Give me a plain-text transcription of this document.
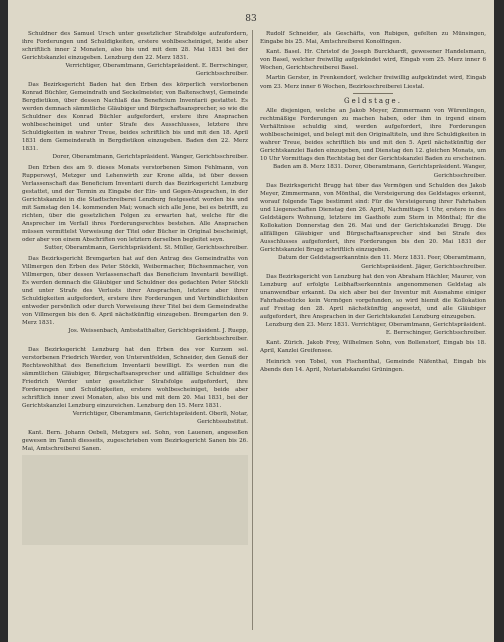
83

Schuldner des Samuel Ursch unter gesetzlicher Strafsfolge aufzufordern, ihre Forderungen und Schuldigkeiten, erstere wohlbescheiniget, beide aber schriftlich inner 2 Monaten, also bis und mit dem 28. Mai 1831 bei der Gerichtskanzlei einzugeben. Lenzburg den 22. Merz 1831.

Verrichtiger, Oberamtmann, Gerichtspräsident. E. Berrschinger, Gerichtsschreiber.

Das Bezirksgericht Baden hat den Erben des körperlich verstorbenen Konrad Büchler, Gemeindrath und Seckelmeister, von Baltenschwyl, Gemeinde Bergdietikon, über dessen Nachlaß das Beneficium Inventarii gestattet. Es werden demnach sämmtliche Gläubiger und Bürgschaftsansprecher, so wie die Schuldner des Konrad Büchler aufgefordert, erstere ihre Ansprachen wohlbescheiniget und unter Strafe des Ausschlusses, letztere ihre Schuldigkeiten in wahrer Treue, beides schriftlich bis und mit den 18. April 1831 dem Gemeinderath in Bergdietikon einzugeben. Baden den 22. Merz 1831.

Dorer, Oberamtmann, Gerichtspräsident. Wanger, Gerichtsschreiber.

Den Erben des am 9. dieses Monats verstorbenen Simon Fehlmann, von Rupperswyl, Metzger und Lehenwirth zur Krone allda, ist über dessen Verlassenschaft das Beneficium Inventarii durch das Bezirksgericht Lenzburg gestattet, und der Termin zu Eingabe der Ein- und Gegen-Ansprachen, in der Gerichtskanzlei in die Stadtschreiberei Lenzburg festgesetzt worden bis und mit Samstag den 14. kommenden Mai; wonach sich alle Jene, bei es betrifft, zu richten, über die gesetzlichen Folgen zu erwarten hat, welche für die Ansprecher im Verfall ihres Forderungsrechtes bestehen. Alle Ansprachen müssen vermittelst Vorweisung der Titel oder Bücher in Original bescheinigt, oder aber von einem Abschriften von letztern derselben begleitet seyn.

Sutter, Oberamtmann, Gerichtspräsident. St. Müller, Gerichtsschreiber.

Das Bezirksgericht Bremgarten hat auf den Antrag des Gemeindraths von Villmergen den Erben des Peter Stöckli, Weibermacher, Büchsenmacher, von Villmergen, über dessen Verlassenschaft das Beneficium Inventarii bewilligt. Es werden demnach die Gläubiger und Schuldner des gedachten Peter Stöckli und unter Strafe des Verlusts ihrer Ansprachen, letztere aber ihrer Schuldigkeiten aufgefordert, erstere ihre Forderungen und Verbindlichkeiten entweder persönlich oder durch Vorweisung ihrer Titel bei dem Gemeindrathe von Villmergen bis den 6. April nächstkünftig einzugeben. Bremgarten den 9. Merz 1831.

Jos. Weissenbach, Amtsstatthalter, Gerichtspräsident. J. Ruepp, Gerichtsschreiber.

Das Bezirksgericht Lenzburg hat den Erben des vor Kurzem sel. verstorbenen Friedrich Werder, von Unterentfelden, Schneider, den Genuß der Rechtswohlthat des Beneficium Inventarii bewilligt. Es werden nun die sämmtlichen Gläubiger, Bürgschaftsansprecher und allfällige Schuldner des Friedrich Werder unter gesetzlicher Strafsfolge aufgefordert, ihre Forderungen und Schuldigkeiten, erstere wohlbescheiniget, beide aber schriftlich inner zwei Monaten, also bis und mit dem 20. Mai 1831, bei der Gerichtskanzlei Lenzburg einzureichen. Lenzburg den 15. Merz 1831.

Verrichtiger, Oberamtmann, Gerichtspräsident. Oberli, Notar, Gerichtssubstitut.

Kant. Bern. Johann Oebeli, Metzgers sel. Sohn, von Lauenen, angeseßen gewesen im Tannli diesseits, zugeschrieben vom Bezirksgericht Sanen bis 26. Mai, Amtschreiberei Sanen.

Rudolf Schneider, als Geschäfts, von Rubigen, gefelten zu Münsingen, Eingabe bis 25. Mai, Amtschreiberei Konolfingen.

Kant. Basel. Hr. Christof de Joseph Burckhardt, gewesener Handelsmann, von Basel, welcher freiwillig aufgekündet wird, Eingab vom 25. Merz inner 6 Wochen, Gerichtschreiberei Basel.

Martin Gerster, in Frenkendorf, welcher freiwillig aufgekündet wird, Eingab vom 23. Merz inner 6 Wochen, Bezirksschreiberei Liestal.

Geldstage.

Alle diejenigen, welche an Jakob Meyer, Zimmermann von Würenlingen, rechtmäßige Forderungen zu machen haben, oder ihm in irgend einem Verhältnisse schuldig sind, werden aufgefordert, ihre Forderungen wohlbescheiniget, und belegt mit den Originaltiteln, und ihre Schuldigkeiten in wahrer Treue, beides schriftlich bis und mit den 5. April nächstkünftig der Gerichtskanzlei Baden einzugeben, und Dienstag den 12. gleichen Monats, um 10 Uhr Vormittags den Rechtstag bei der Gerichtskanzlei Baden zu erscheinen.

Baden am 8. Merz 1831. Dorer, Oberamtmann, Gerichtspräsident. Wanger, Gerichtsschreiber.

Das Bezirksgericht Brugg hat über das Vermögen und Schulden des Jakob Meyer, Zimmermann, von Mönthal, die Versteigerung des Geldstages erkennt, worauf folgende Tage bestimmt sind: Für die Versteigerung ihrer Fahrhaben und Liegenschaften Dienstag den 26. April, Nachmittags 1 Uhr, erstere in des Geldstägers Wohnung, letztere im Gasthofe zum Stern in Mönthal; für die Kollokation Donnerstag den 26. Mai und der Gerichtskanzlei Brugg. Die allfälligen Gläubiger und Bürgschaftsansprecher sind bei Strafe des Ausschlusses aufgefordert, ihre Forderungen bis den 20. Mai 1831 der Gerichtskanzlei Brugg schriftlich einzugeben.

Datum der Geldstagserkanntnis den 11. Merz 1831. Feer, Oberamtmann, Gerichtspräsident. Jäger, Gerichtsschreiber.

Das Bezirksgericht von Lenzburg hat den von Abraham Hächler, Maurer, von Lenzburg auf erfolgte Leibhaftserkenntnis angenommenen Geldstag als unanwendbar erkannt. Da sich aber bei der Inventur mit Ausnahme einiger Fahrhabestücke kein Vermögen vorgefunden, so wird hiemit die Kollokation auf Freitag den 28. April nächstkünftig angesetzt, und alle Gläubiger aufgefordert, ihre Ansprachen in der Gerichtskanzlei Lenzburg einzugeben.

Lenzburg den 23. Merz 1831. Verrichtiger, Oberamtmann, Gerichtspräsident. E. Berrschinger, Gerichtsschreiber.

Kant. Zürich. Jakob Frey, Wilhelmen Sohn, von Bollenstorf, Eingab bis 18. April, Kanzlei Greifensee.

Heinrich von Tobel, von Fischenthal, Gemeinde Näfenthal, Eingab bis Abends den 14. April, Notariatskanzlei Grüningen.
